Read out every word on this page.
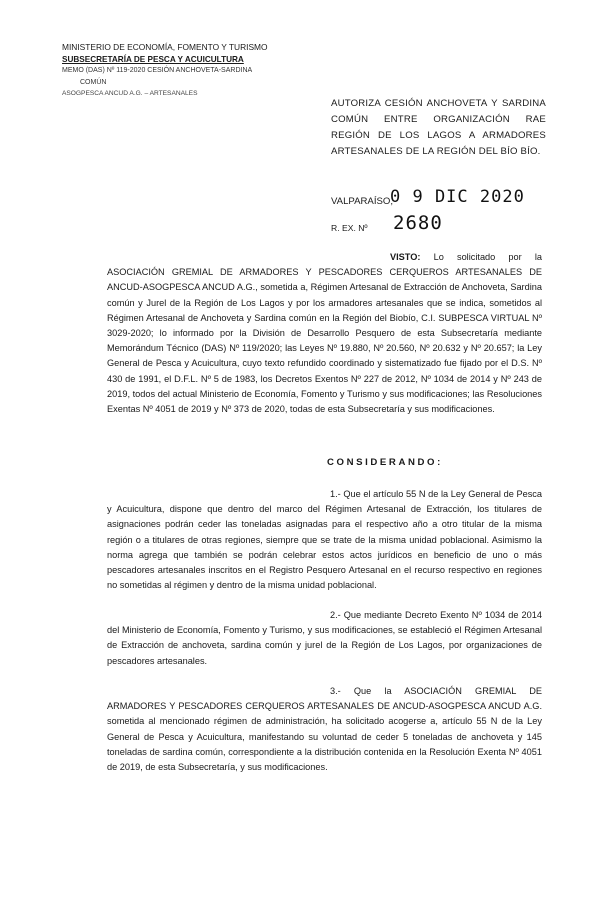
MINISTERIO DE ECONOMÍA, FOMENTO Y TURISMO
SUBSECRETARÍA DE PESCA Y ACUICULTURA
MEMO (DAS) Nº 119-2020 CESIÓN ANCHOVETA-SARDINA
COMÚN
ASOGPESCA ANCUD A.G. – ARTESANALES
AUTORIZA CESIÓN ANCHOVETA Y SARDINA COMÚN ENTRE ORGANIZACIÓN RAE REGIÓN DE LOS LAGOS A ARMADORES ARTESANALES DE LA REGIÓN DEL BÍO BÍO.
VALPARAÍSO,
0 9 DIC 2020
R. EX. Nº 2680

VISTO: Lo solicitado por la ASOCIACIÓN GREMIAL DE ARMADORES Y PESCADORES CERQUEROS ARTESANALES DE ANCUD-ASOGPESCA ANCUD A.G., sometida a, Régimen Artesanal de Extracción de Anchoveta, Sardina común y Jurel de la Región de Los Lagos y por los armadores artesanales que se indica, sometidos al Régimen Artesanal de Anchoveta y Sardina común en la Región del Biobío, C.I. SUBPESCA VIRTUAL Nº 3029-2020; lo informado por la División de Desarrollo Pesquero de esta Subsecretaría mediante Memorándum Técnico (DAS) Nº 119/2020; las Leyes Nº 19.880, Nº 20.560, Nº 20.632 y Nº 20.657; la Ley General de Pesca y Acuicultura, cuyo texto refundido coordinado y sistematizado fue fijado por el D.S. Nº 430 de 1991, el D.F.L. Nº 5 de 1983, los Decretos Exentos Nº 227 de 2012, Nº 1034 de 2014 y Nº 243 de 2019, todos del actual Ministerio de Economía, Fomento y Turismo y sus modificaciones; las Resoluciones Exentas Nº 4051 de 2019 y Nº 373 de 2020, todas de esta Subsecretaría y sus modificaciones.

CONSIDERANDO:

1.- Que el artículo 55 N de la Ley General de Pesca y Acuicultura, dispone que dentro del marco del Régimen Artesanal de Extracción, los titulares de asignaciones podrán ceder las toneladas asignadas para el respectivo año a otro titular de la misma región o a titulares de otras regiones, siempre que se trate de la misma unidad poblacional. Asimismo la norma agrega que también se podrán celebrar estos actos jurídicos en beneficio de uno o más pescadores artesanales inscritos en el Registro Pesquero Artesanal en el recurso respectivo en regiones no sometidas al régimen y dentro de la misma unidad poblacional.

2.- Que mediante Decreto Exento Nº 1034 de 2014 del Ministerio de Economía, Fomento y Turismo, y sus modificaciones, se estableció el Régimen Artesanal de Extracción de anchoveta, sardina común y jurel de la Región de Los Lagos, por organizaciones de pescadores artesanales.

3.- Que la ASOCIACIÓN GREMIAL DE ARMADORES Y PESCADORES CERQUEROS ARTESANALES DE ANCUD-ASOGPESCA ANCUD A.G. sometida al mencionado régimen de administración, ha solicitado acogerse a, artículo 55 N de la Ley General de Pesca y Acuicultura, manifestando su voluntad de ceder 5 toneladas de anchoveta y 145 toneladas de sardina común, correspondiente a la distribución contenida en la Resolución Exenta Nº 4051 de 2019, de esta Subsecretaría, y sus modificaciones.
